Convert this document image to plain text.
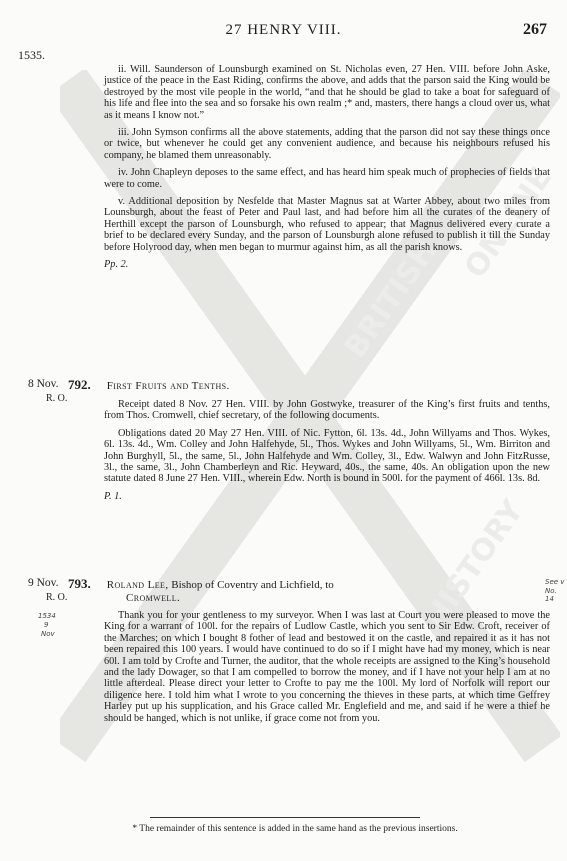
BRITISH
HISTORY
ONLINE
27 HENRY VIII.	267
1535.

ii. Will. Saunderson of Lounsburgh examined on St. Nicholas even, 27 Hen. VIII. before John Aske, justice of the peace in the East Riding, confirms the above, and adds that the parson said the King would be destroyed by the most vile people in the world, “and that he should be glad to take a boat for safeguard of his life and flee into the sea and so forsake his own realm ;* and, masters, there hangs a cloud over us, what as it means I know not.”

iii. John Symson confirms all the above statements, adding that the parson did not say these things once or twice, but whenever he could get any convenient audience, and because his neighbours refused his company, he blamed them unreasonably.

iv. John Chapleyn deposes to the same effect, and has heard him speak much of prophecies of fields that were to come.

v. Additional deposition by Nesfelde that Master Magnus sat at Warter Abbey, about two miles from Lounsburgh, about the feast of Peter and Paul last, and had before him all the curates of the deanery of Herthill except the parson of Lounsburgh, who refused to appear; that Magnus delivered every curate a brief to be declared every Sunday, and the parson of Lounsburgh alone refused to publish it till the Sunday before Holyrood day, when men began to murmur against him, as all the parish knows.

Pp. 2.

8 Nov.
R. O.

792. First Fruits and Tenths.

Receipt dated 8 Nov. 27 Hen. VIII. by John Gostwyke, treasurer of the King’s first fruits and tenths, from Thos. Cromwell, chief secretary, of the following documents.

Obligations dated 20 May 27 Hen. VIII. of Nic. Fytton, 6l. 13s. 4d., John Willyams and Thos. Wykes, 6l. 13s. 4d., Wm. Colley and John Halfehyde, 5l., Thos. Wykes and John Willyams, 5l., Wm. Birriton and John Burghyll, 5l., the same, 5l., John Halfehyde and Wm. Colley, 3l., Edw. Walwyn and John FitzRusse, 3l., the same, 3l., John Chamberleyn and Ric. Heyward, 40s., the same, 40s. An obligation upon the new statute dated 8 June 27 Hen. VIII., wherein Edw. North is bound in 500l. for the payment of 466l. 13s. 8d.

P. 1.

9 Nov.
R. O.
1534
9
Nov
See v
No. 14

793. Roland Lee, Bishop of Coventry and Lichfield, to

Cromwell.

Thank you for your gentleness to my surveyor. When I was last at Court you were pleased to move the King for a warrant of 100l. for the repairs of Ludlow Castle, which you sent to Sir Edw. Croft, receiver of the Marches; on which I bought 8 fother of lead and bestowed it on the castle, and repaired it as it has not been repaired this 100 years. I would have continued to do so if I might have had my money, which is near 60l. I am told by Crofte and Turner, the auditor, that the whole receipts are assigned to the King’s household and the lady Dowager, so that I am compelled to borrow the money, and if I have not your help I am at no little afterdeal. Please direct your letter to Crofte to pay me the 100l. My lord of Norfolk will report our diligence here. I told him what I wrote to you concerning the thieves in these parts, at which time Geffrey Harley put up his supplication, and his Grace called Mr. Englefield and me, and said if he were a thief he should be hanged, which is not unlike, if grace come not from you.

* The remainder of this sentence is added in the same hand as the previous insertions.
